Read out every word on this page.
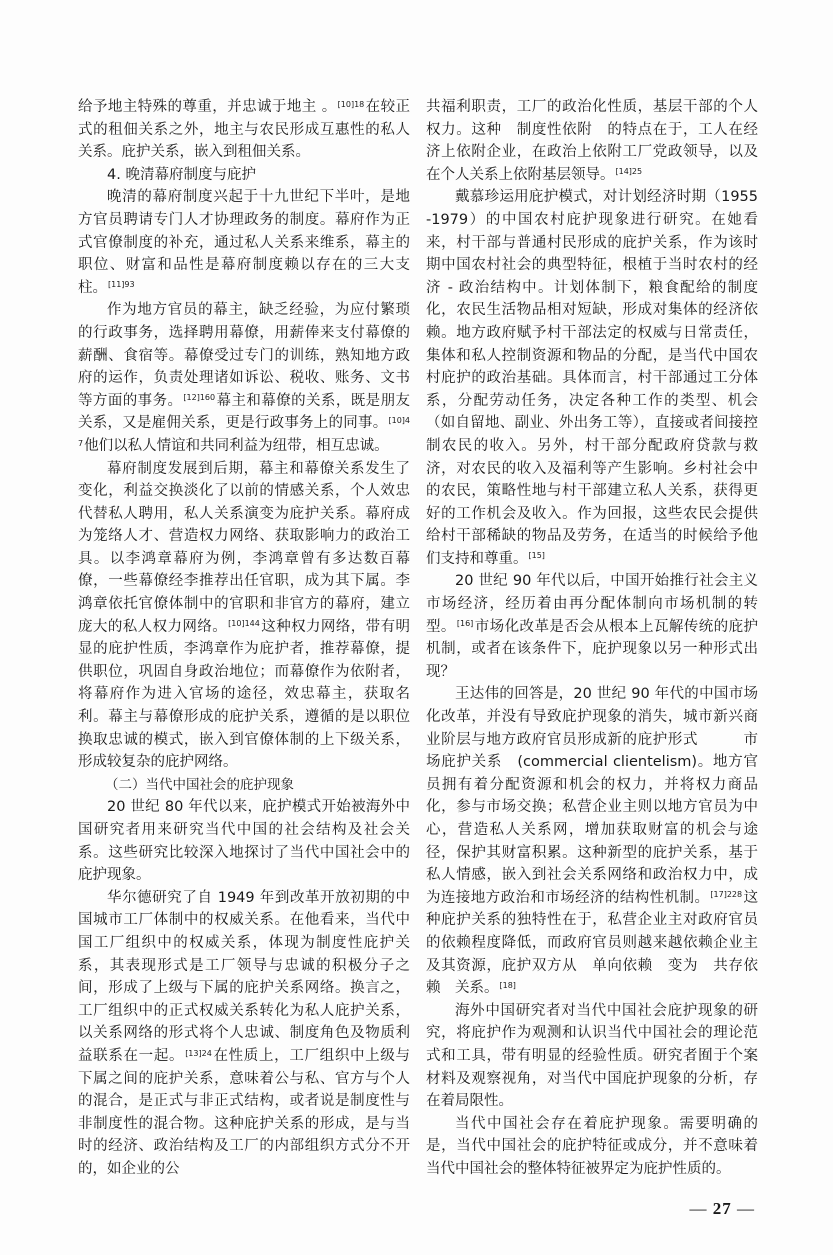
给予地主特殊的尊重，并忠诚于地主 。$^{[10]18}$在较正式的租佃关系之外，地主与农民形成互惠性的私人关系。庇护关系，嵌入到租佃关系。

4. 晚清幕府制度与庇护

晚清的幕府制度兴起于十九世纪下半叶，是地方官员聘请专门人才协理政务的制度。幕府作为正式官僚制度的补充，通过私人关系来维系，幕主的职位、财富和品性是幕府制度赖以存在的三大支柱。$^{[11]93}$

作为地方官员的幕主，缺乏经验，为应付繁琐的行政事务，选择聘用幕僚，用薪俸来支付幕僚的薪酬、食宿等。幕僚受过专门的训练，熟知地方政府的运作，负责处理诸如诉讼、税收、账务、文书等方面的事务。$^{[12]160}$幕主和幕僚的关系，既是朋友关系，又是雇佣关系，更是行政事务上的同事。$^{[10]47}$他们以私人情谊和共同利益为纽带，相互忠诚。

幕府制度发展到后期，幕主和幕僚关系发生了变化，利益交换淡化了以前的情感关系，个人效忠代替私人聘用，私人关系演变为庇护关系。幕府成为笼络人才、营造权力网络、获取影响力的政治工具。以李鸿章幕府为例，李鸿章曾有多达数百幕僚，一些幕僚经李推荐出任官职，成为其下属。李鸿章依托官僚体制中的官职和非官方的幕府，建立庞大的私人权力网络。$^{[10]144}$这种权力网络，带有明显的庇护性质，李鸿章作为庇护者，推荐幕僚，提供职位，巩固自身政治地位；而幕僚作为依附者，将幕府作为进入官场的途径，效忠幕主，获取名利。幕主与幕僚形成的庇护关系，遵循的是以职位换取忠诚的模式，嵌入到官僚体制的上下级关系，形成较复杂的庇护网络。

（二）当代中国社会的庇护现象

20 世纪 80 年代以来，庇护模式开始被海外中国研究者用来研究当代中国的社会结构及社会关系。这些研究比较深入地探讨了当代中国社会中的庇护现象。

华尔德研究了自 1949 年到改革开放初期的中国城市工厂体制中的权威关系。在他看来，当代中国工厂组织中的权威关系，体现为制度性庇护关系，其表现形式是工厂领导与忠诚的积极分子之间，形成了上级与下属的庇护关系网络。换言之，工厂组织中的正式权威关系转化为私人庇护关系，以关系网络的形式将个人忠诚、制度角色及物质利益联系在一起。$^{[13]24}$在性质上，工厂组织中上级与下属之间的庇护关系，意味着公与私、官方与个人的混合，是正式与非正式结构，或者说是制度性与非制度性的混合物。这种庇护关系的形成，是与当时的经济、政治结构及工厂的内部组织方式分不开的，如企业的公

共福利职责，工厂的政治化性质，基层干部的个人权力。这种　制度性依附　的特点在于，工人在经济上依附企业，在政治上依附工厂党政领导，以及在个人关系上依附基层领导。$^{[14]25}$

戴慕珍运用庇护模式，对计划经济时期（1955-1979）的中国农村庇护现象进行研究。在她看来，村干部与普通村民形成的庇护关系，作为该时期中国农村社会的典型特征，根植于当时农村的经济 - 政治结构中。计划体制下，粮食配给的制度化，农民生活物品相对短缺，形成对集体的经济依赖。地方政府赋予村干部法定的权威与日常责任，集体和私人控制资源和物品的分配，是当代中国农村庇护的政治基础。具体而言，村干部通过工分体系，分配劳动任务，决定各种工作的类型、机会（如自留地、副业、外出务工等），直接或者间接控制农民的收入。另外，村干部分配政府贷款与救济，对农民的收入及福利等产生影响。乡村社会中的农民，策略性地与村干部建立私人关系，获得更好的工作机会及收入。作为回报，这些农民会提供给村干部稀缺的物品及劳务，在适当的时候给予他们支持和尊重。[15]

20 世纪 90 年代以后，中国开始推行社会主义市场经济，经历着由再分配体制向市场机制的转型。[16]市场化改革是否会从根本上瓦解传统的庇护机制，或者在该条件下，庇护现象以另一种形式出现？

王达伟的回答是，20 世纪 90 年代的中国市场化改革，并没有导致庇护现象的消失，城市新兴商业阶层与地方政府官员形成新的庇护形式　　　市场庇护关系　(commercial clientelism)。地方官员拥有着分配资源和机会的权力，并将权力商品化，参与市场交换；私营企业主则以地方官员为中心，营造私人关系网，增加获取财富的机会与途径，保护其财富积累。这种新型的庇护关系，基于私人情感，嵌入到社会关系网络和政治权力中，成为连接地方政治和市场经济的结构性机制。$^{[17]228}$这种庇护关系的独特性在于，私营企业主对政府官员的依赖程度降低，而政府官员则越来越依赖企业主及其资源，庇护双方从　单向依赖　变为　共存依赖　关系。[18]

海外中国研究者对当代中国社会庇护现象的研究，将庇护作为观测和认识当代中国社会的理论范式和工具，带有明显的经验性质。研究者囿于个案材料及观察视角，对当代中国庇护现象的分析，存在着局限性。

当代中国社会存在着庇护现象。需要明确的是，当代中国社会的庇护特征或成分，并不意味着当代中国社会的整体特征被界定为庇护性质的。

— 27 —
